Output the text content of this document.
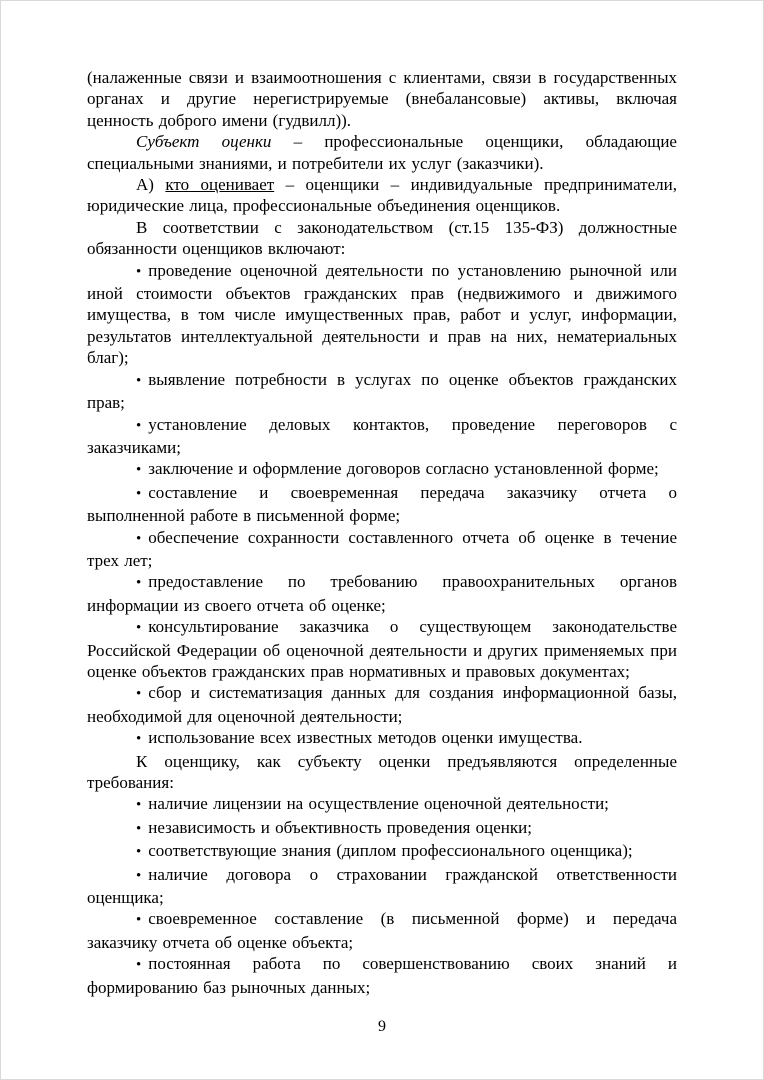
(налаженные связи и взаимоотношения с клиентами, связи в государственных органах и другие нерегистрируемые (внебалансовые) активы, включая ценность доброго имени (гудвилл)).

Субъект оценки – профессиональные оценщики, обладающие специальными знаниями, и потребители их услуг (заказчики).

А) кто оценивает – оценщики – индивидуальные предприниматели, юридические лица, профессиональные объединения оценщиков.

В соответствии с законодательством (ст.15 135-ФЗ) должностные обязанности оценщиков включают:

• проведение оценочной деятельности по установлению рыночной или иной стоимости объектов гражданских прав (недвижимого и движимого имущества, в том числе имущественных прав, работ и услуг, информации, результатов интеллектуальной деятельности и прав на них, нематериальных благ);

• выявление потребности в услугах по оценке объектов гражданских прав;

• установление деловых контактов, проведение переговоров с заказчиками;

• заключение и оформление договоров согласно установленной форме;

• составление и своевременная передача заказчику отчета о выполненной работе в письменной форме;

• обеспечение сохранности составленного отчета об оценке в течение трех лет;

• предоставление по требованию правоохранительных органов информации из своего отчета об оценке;

• консультирование заказчика о существующем законодательстве Российской Федерации об оценочной деятельности и других применяемых при оценке объектов гражданских прав нормативных и правовых документах;

• сбор и систематизация данных для создания информационной базы, необходимой для оценочной деятельности;

• использование всех известных методов оценки имущества.

К оценщику, как субъекту оценки предъявляются определенные требования:

• наличие лицензии на осуществление оценочной деятельности;

• независимость и объективность проведения оценки;

• соответствующие знания (диплом профессионального оценщика);

• наличие договора о страховании гражданской ответственности оценщика;

• своевременное составление (в письменной форме) и передача заказчику отчета об оценке объекта;

• постоянная работа по совершенствованию своих знаний и формированию баз рыночных данных;

9
